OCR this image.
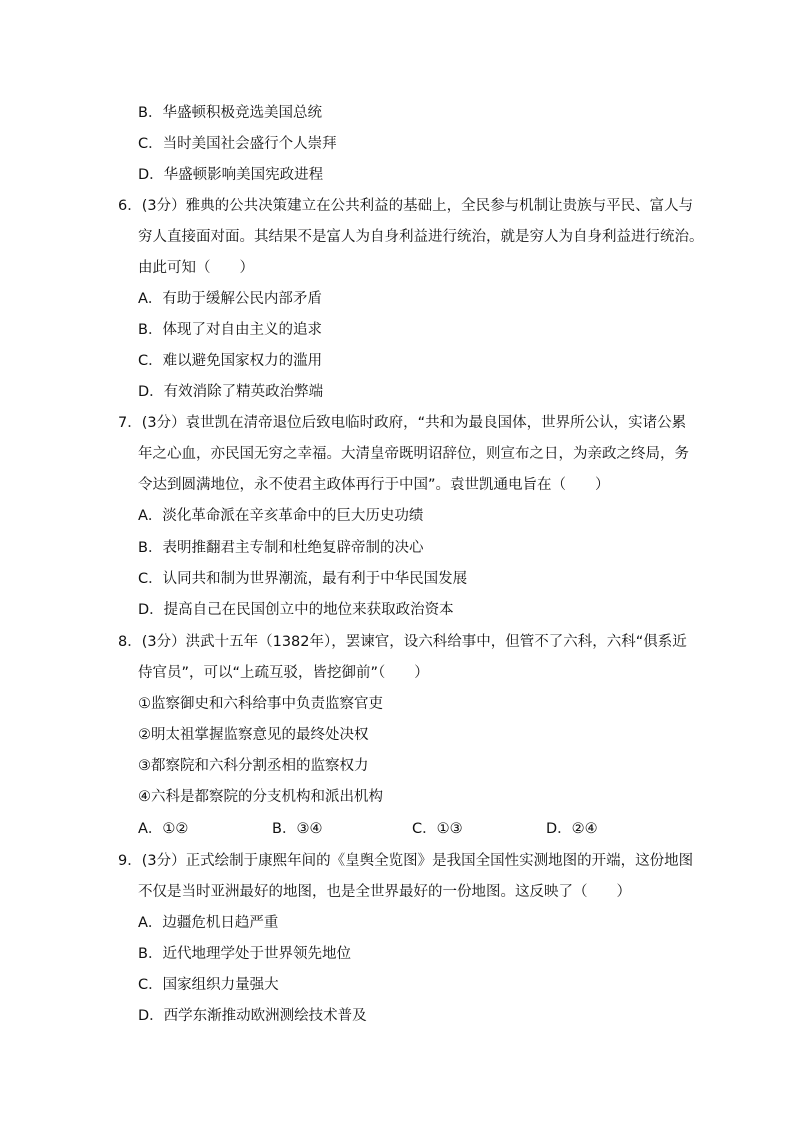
B．华盛顿积极竞选美国总统
C．当时美国社会盛行个人崇拜
D．华盛顿影响美国宪政进程
6．(3分）雅典的公共决策建立在公共利益的基础上，全民参与机制让贵族与平民、富人与
穷人直接面对面。其结果不是富人为自身利益进行统治，就是穷人为自身利益进行统治。
由此可知（　　）
A．有助于缓解公民内部矛盾
B．体现了对自由主义的追求
C．难以避免国家权力的滥用
D．有效消除了精英政治弊端
7．(3分）袁世凯在清帝退位后致电临时政府，“共和为最良国体，世界所公认，实诸公累
年之心血，亦民国无穷之幸福。大清皇帝既明诏辞位，则宣布之日，为亲政之终局，务
令达到圆满地位，永不使君主政体再行于中国”。袁世凯通电旨在（　　）
A．淡化革命派在辛亥革命中的巨大历史功绩
B．表明推翻君主专制和杜绝复辟帝制的决心
C．认同共和制为世界潮流，最有利于中华民国发展
D．提高自己在民国创立中的地位来获取政治资本
8．(3分）洪武十五年（1382年），罢谏官，设六科给事中，但管不了六科，六科“俱系近
侍官员”，可以“上疏互驳，皆挖御前”（　　）
①监察御史和六科给事中负责监察官吏
②明太祖掌握监察意见的最终处决权
③都察院和六科分割丞相的监察权力
④六科是都察院的分支机构和派出机构
A．①②	B．③④	C．①③	D．②④
9．(3分）正式绘制于康熙年间的《皇舆全览图》是我国全国性实测地图的开端，这份地图
不仅是当时亚洲最好的地图，也是全世界最好的一份地图。这反映了（　　）
A．边疆危机日趋严重
B．近代地理学处于世界领先地位
C．国家组织力量强大
D．西学东渐推动欧洲测绘技术普及
